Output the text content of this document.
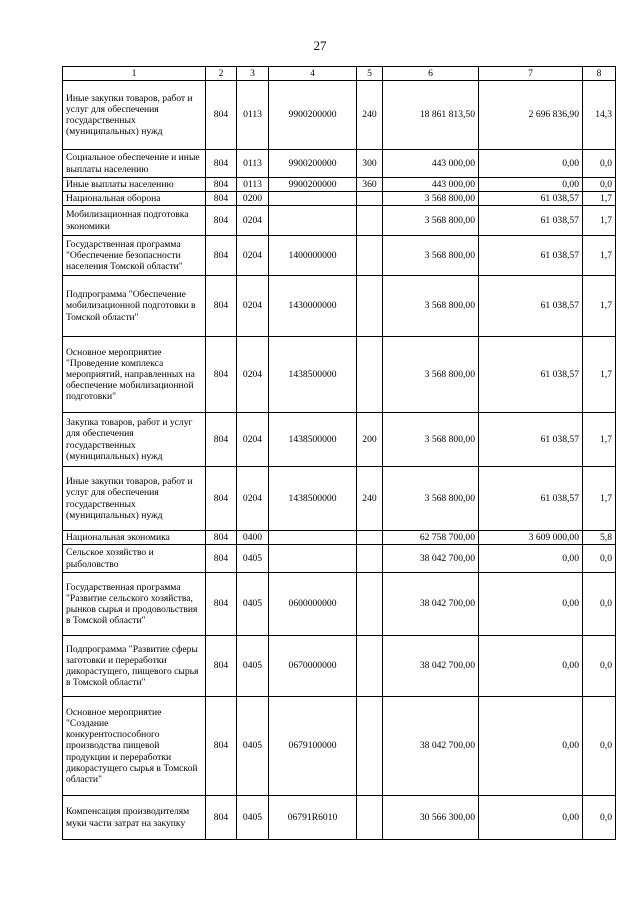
27
1	2	3	4	5	6	7	8
Иные закупки товаров, работ и услуг для обеспечения государственных (муниципальных) нужд	804	0113	9900200000	240	18 861 813,50	2 696 836,90	14,3
Социальное обеспечение и иные выплаты населению	804	0113	9900200000	300	443 000,00	0,00	0,0
Иные выплаты населению	804	0113	9900200000	360	443 000,00	0,00	0,0
Национальная оборона	804	0200			3 568 800,00	61 038,57	1,7
Мобилизационная подготовка экономики	804	0204			3 568 800,00	61 038,57	1,7
Государственная программа "Обеспечение безопасности населения Томской области"	804	0204	1400000000		3 568 800,00	61 038,57	1,7
Подпрограмма "Обеспечение мобилизационной подготовки в Томской области"	804	0204	1430000000		3 568 800,00	61 038,57	1,7
Основное мероприятие "Проведение комплекса мероприятий, направленных на обеспечение мобилизационной подготовки"	804	0204	1438500000		3 568 800,00	61 038,57	1,7
Закупка товаров, работ и услуг для обеспечения государственных (муниципальных) нужд	804	0204	1438500000	200	3 568 800,00	61 038,57	1,7
Иные закупки товаров, работ и услуг для обеспечения государственных (муниципальных) нужд	804	0204	1438500000	240	3 568 800,00	61 038,57	1,7
Национальная экономика	804	0400			62 758 700,00	3 609 000,00	5,8
Сельское хозяйство и рыболовство	804	0405			38 042 700,00	0,00	0,0
Государственная программа "Развитие сельского хозяйства, рынков сырья и продовольствия в Томской области"	804	0405	0600000000		38 042 700,00	0,00	0,0
Подпрограмма "Развитие сферы заготовки и переработки дикорастущего, пищевого сырья в Томской области"	804	0405	0670000000		38 042 700,00	0,00	0,0
Основное мероприятие "Создание конкурентоспособного производства пищевой продукции и переработки дикорастущего сырья в Томской области"	804	0405	0679100000		38 042 700,00	0,00	0,0
Компенсация производителям муки части затрат на закупку	804	0405	06791R6010		30 566 300,00	0,00	0,0
